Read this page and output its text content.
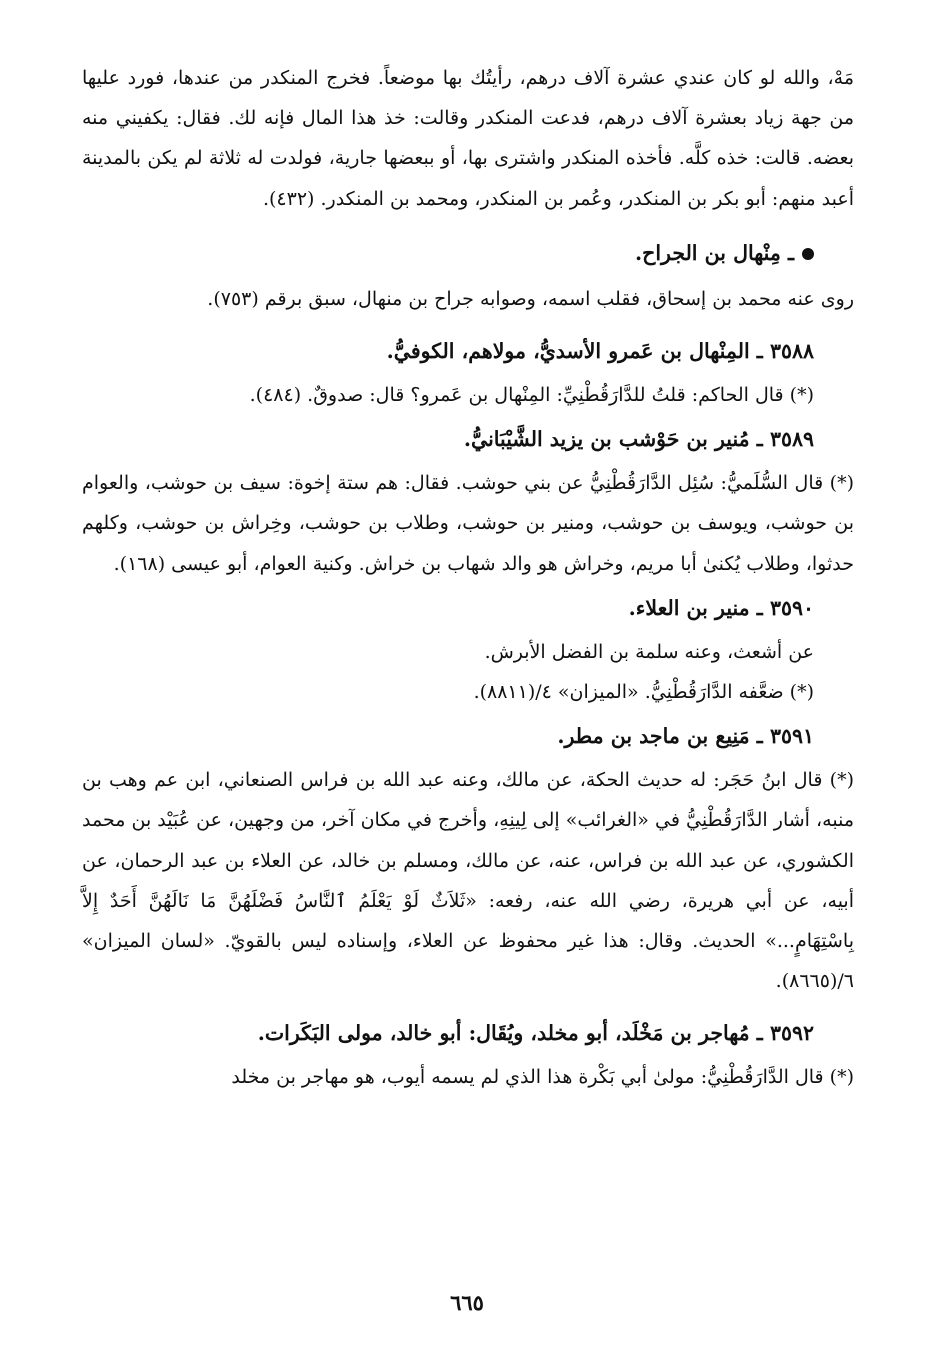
مَهْ، والله لو كان عندي عشرة آلاف درهم، رأيتُك بها موضعاً. فخرج المنكدر من عندها، فورد عليها من جهة زياد بعشرة آلاف درهم، فدعت المنكدر وقالت: خذ هذا المال فإنه لك. فقال: يكفيني منه بعضه. قالت: خذه كلَّه. فأخذه المنكدر واشترى بها، أو ببعضها جارية، فولدت له ثلاثة لم يكن بالمدينة أعبد منهم: أبو بكر بن المنكدر، وعُمر بن المنكدر، ومحمد بن المنكدر. (٤٣٢).

ـ مِنْهال بن الجراح.

روى عنه محمد بن إسحاق، فقلب اسمه، وصوابه جراح بن منهال، سبق برقم (٧٥٣).

٣٥٨٨ ـ المِنْهال بن عَمرو الأسديُّ، مولاهم، الكوفيُّ.

(*) قال الحاكم: قلتُ للدَّارَقُطْنِيِّ: المِنْهال بن عَمرو؟ قال: صدوقٌ. (٤٨٤).

٣٥٨٩ ـ مُنير بن حَوْشب بن يزيد الشَّيْبَانيُّ.

(*) قال السُّلَميُّ: سُئِل الدَّارَقُطْنِيُّ عن بني حوشب. فقال: هم ستة إخوة: سيف بن حوشب، والعوام بن حوشب، ويوسف بن حوشب، ومنير بن حوشب، وطلاب بن حوشب، وخِراش بن حوشب، وكلهم حدثوا، وطلاب يُكنىٰ أبا مريم، وخراش هو والد شهاب بن خراش. وكنية العوام، أبو عيسى (١٦٨).

٣٥٩٠ ـ منير بن العلاء.

عن أشعث، وعنه سلمة بن الفضل الأبرش.

(*) ضعَّفه الدَّارَقُطْنِيُّ. «الميزان» ٤/(٨٨١١).

٣٥٩١ ـ مَنِيع بن ماجد بن مطر.

(*) قال ابنُ حَجَر: له حديث الحكة، عن مالك، وعنه عبد الله بن فراس الصنعاني، ابن عم وهب بن منبه، أشار الدَّارَقُطْنِيُّ في «الغرائب» إلى لِينِهِ، وأخرج في مكان آخر، من وجهين، عن عُبَيْد بن محمد الكشوري، عن عبد الله بن فراس، عنه، عن مالك، ومسلم بن خالد، عن العلاء بن عبد الرحمان، عن أبيه، عن أبي هريرة، رضي الله عنه، رفعه: «ثَلاَثٌ لَوْ يَعْلَمُ ٱلنَّاسُ فَضْلَهُنَّ مَا نَالَهُنَّ أَحَدٌ إِلاَّ بِاسْتِهَامٍ...» الحديث. وقال: هذا غير محفوظ عن العلاء، وإسناده ليس بالقويّ. «لسان الميزان» ٦/(٨٦٦٥).

٣٥٩٢ ـ مُهاجر بن مَخْلَد، أبو مخلد، ويُقَال: أبو خالد، مولى البَكَرات.

(*) قال الدَّارَقُطْنِيُّ: مولىٰ أبي بَكْرة هذا الذي لم يسمه أيوب، هو مهاجر بن مخلد

٦٦٥
